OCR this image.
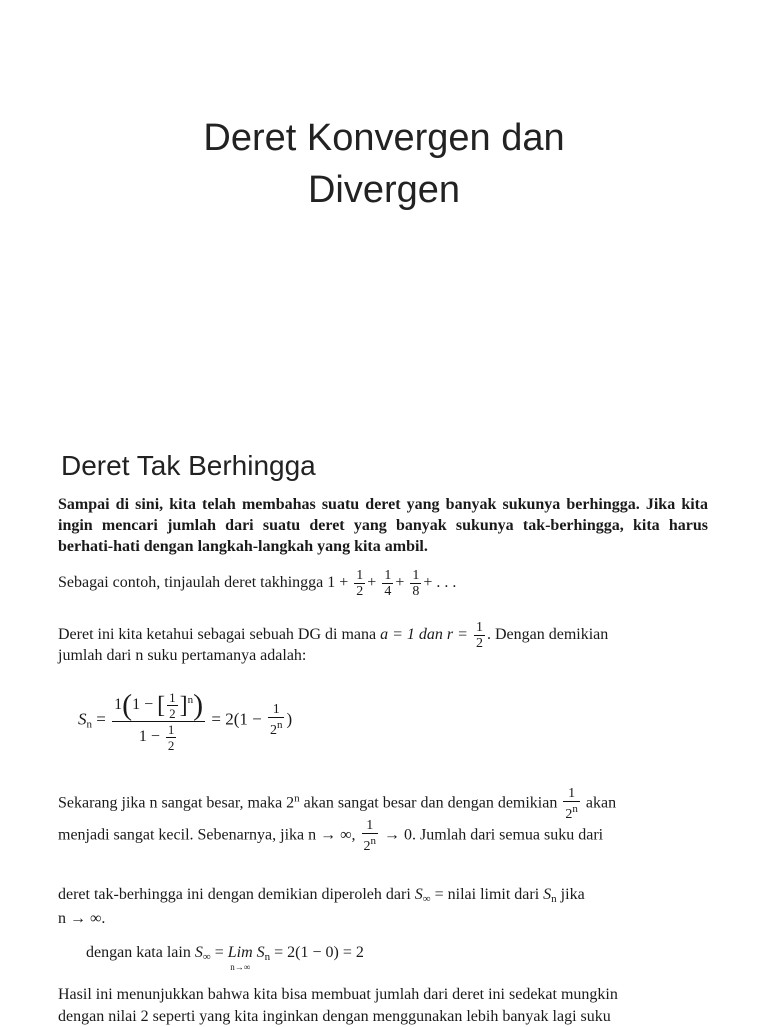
Deret Konvergen dan
Divergen
Deret Tak Berhingga

Sampai di sini, kita telah membahas suatu deret yang banyak sukunya berhingga. Jika kita ingin mencari jumlah dari suatu deret yang banyak sukunya tak-berhingga, kita harus berhati-hati dengan langkah-langkah yang kita ambil.

Sebagai contoh, tinjaulah deret takhingga $1 + \frac{1}{2} + \frac{1}{4} + \frac{1}{8}$ + . . .
Deret ini kita ketahui sebagai sebuah DG di mana a = 1 dan $r = \frac{1}{2}$ . Dengan demikian
jumlah dari n suku pertamanya adalah:
$S_n = \frac{1(1 - [ \frac{1}{2} ]^n)}{1 - \frac{1}{2}} = 2(1 - \frac{1}{2^n}$ )
Sekarang jika n sangat besar, maka 2$^n$ akan sangat besar dan dengan demikian $\frac{1}{2^n}$ akan
menjadi sangat kecil. Sebenarnya, jika n → ∞, $\frac{1}{2^n} \to 0$. Jumlah dari semua suku dari
deret tak-berhingga ini dengan demikian diperoleh dari $S_\infty$ = nilai limit dari $S_n$ jika
n → ∞.
dengan kata lain $S_\infty$ = Lim
n→∞
$S_n = 2(1 - 0) = 2$
Hasil ini menunjukkan bahwa kita bisa membuat jumlah dari deret ini sedekat mungkin
dengan nilai 2 seperti yang kita inginkan dengan menggunakan lebih banyak lagi suku
